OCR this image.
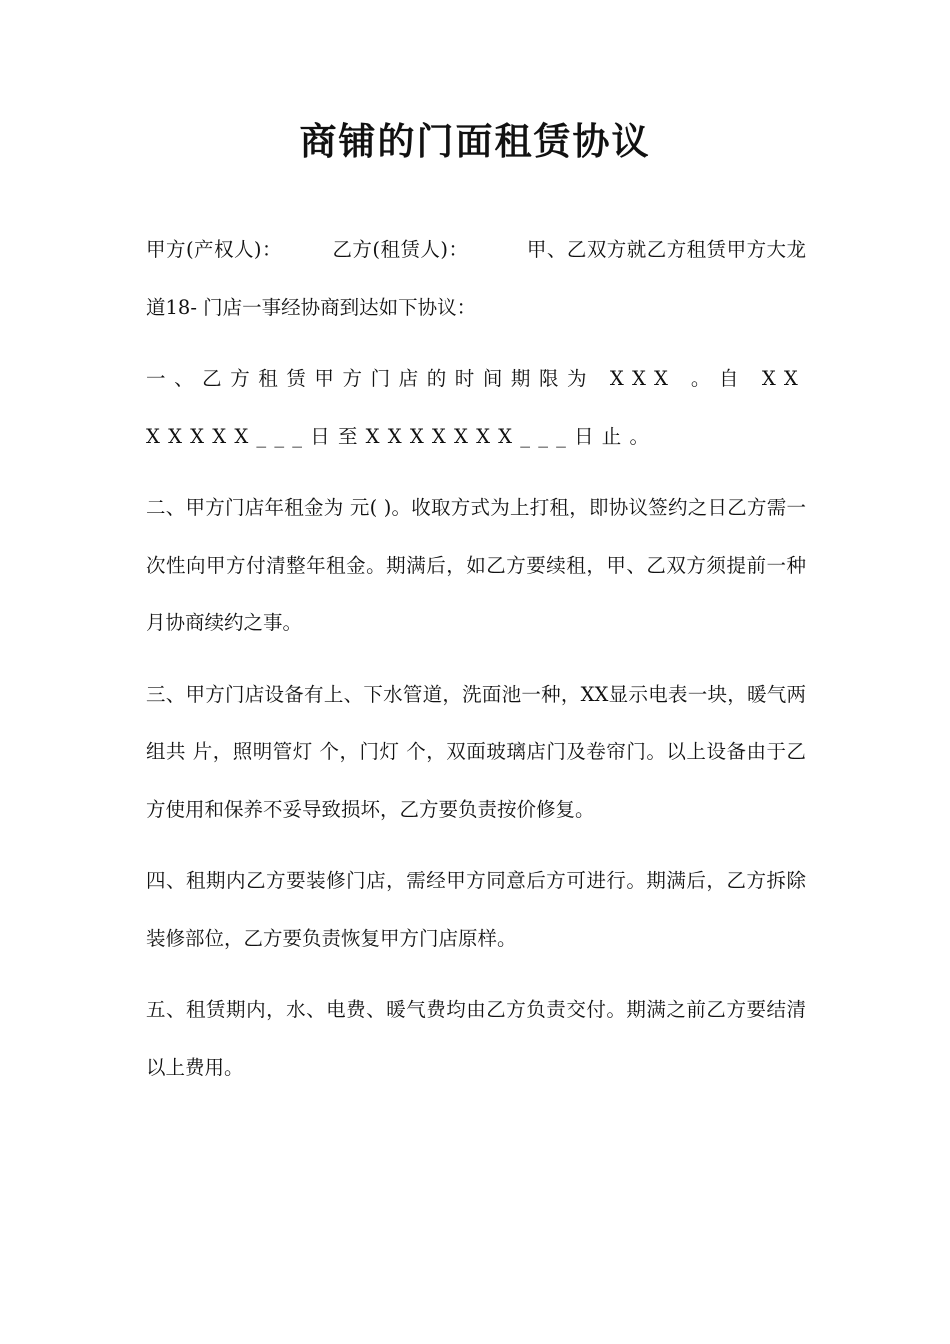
商铺的门面租赁协议

甲方(产权人)：	乙方(租赁人)：	甲、乙双方就乙方租赁甲方大龙道18- 门店一事经协商到达如下协议：

一、乙方租赁甲方门店的时间期限为 XXX 。自 XXXXXXX___日至XXXXXXX___日止。

二、甲方门店年租金为 元( )。收取方式为上打租，即协议签约之日乙方需一次性向甲方付清整年租金。期满后，如乙方要续租，甲、乙双方须提前一种月协商续约之事。

三、甲方门店设备有上、下水管道，洗面池一种，XX显示电表一块，暖气两组共 片，照明管灯 个，门灯 个，双面玻璃店门及卷帘门。以上设备由于乙方使用和保养不妥导致损坏，乙方要负责按价修复。

四、租期内乙方要装修门店，需经甲方同意后方可进行。期满后，乙方拆除装修部位，乙方要负责恢复甲方门店原样。

五、租赁期内，水、电费、暖气费均由乙方负责交付。期满之前乙方要结清以上费用。
